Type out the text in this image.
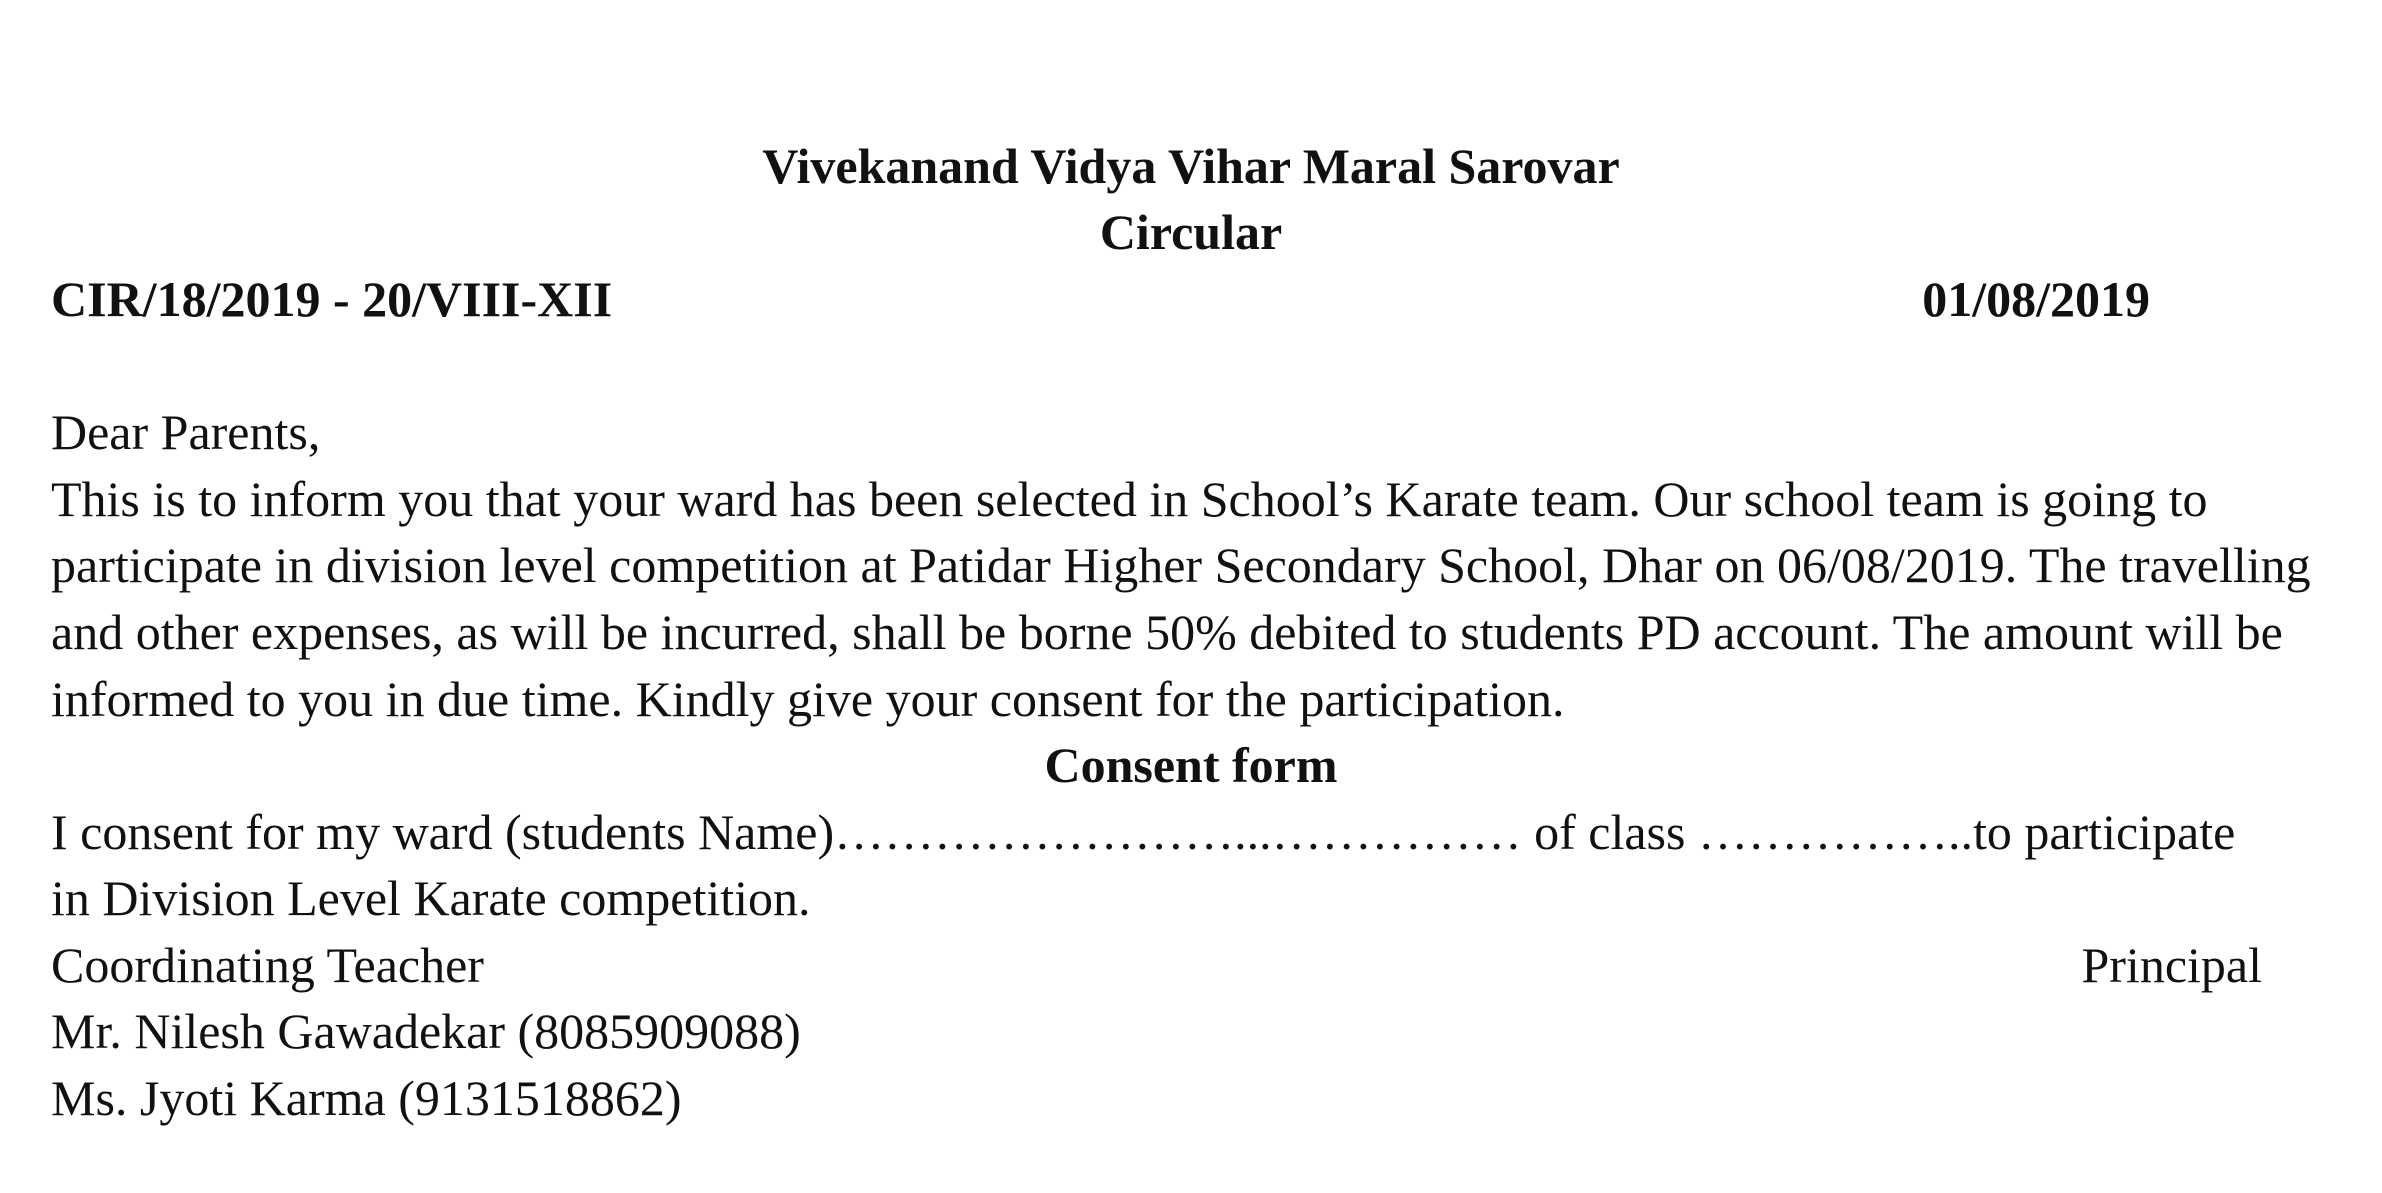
Vivekanand Vidya Vihar Maral Sarovar
Circular
CIR/18/2019 - 20/VIII-XII	01/08/2019
Dear Parents,
This is to inform you that your ward has been selected in School’s Karate team. Our school team is going to
participate in division level competition at Patidar Higher Secondary School, Dhar on 06/08/2019. The travelling
and other expenses, as will be incurred, shall be borne 50% debited to students PD account. The amount will be
informed to you in due time. Kindly give your consent for the participation.
Consent form
I consent for my ward (students Name)……………………...…………… of class ……………..to participate
in Division Level Karate competition.
Coordinating Teacher	Principal
Mr. Nilesh Gawadekar (8085909088)
Ms. Jyoti Karma (9131518862)
